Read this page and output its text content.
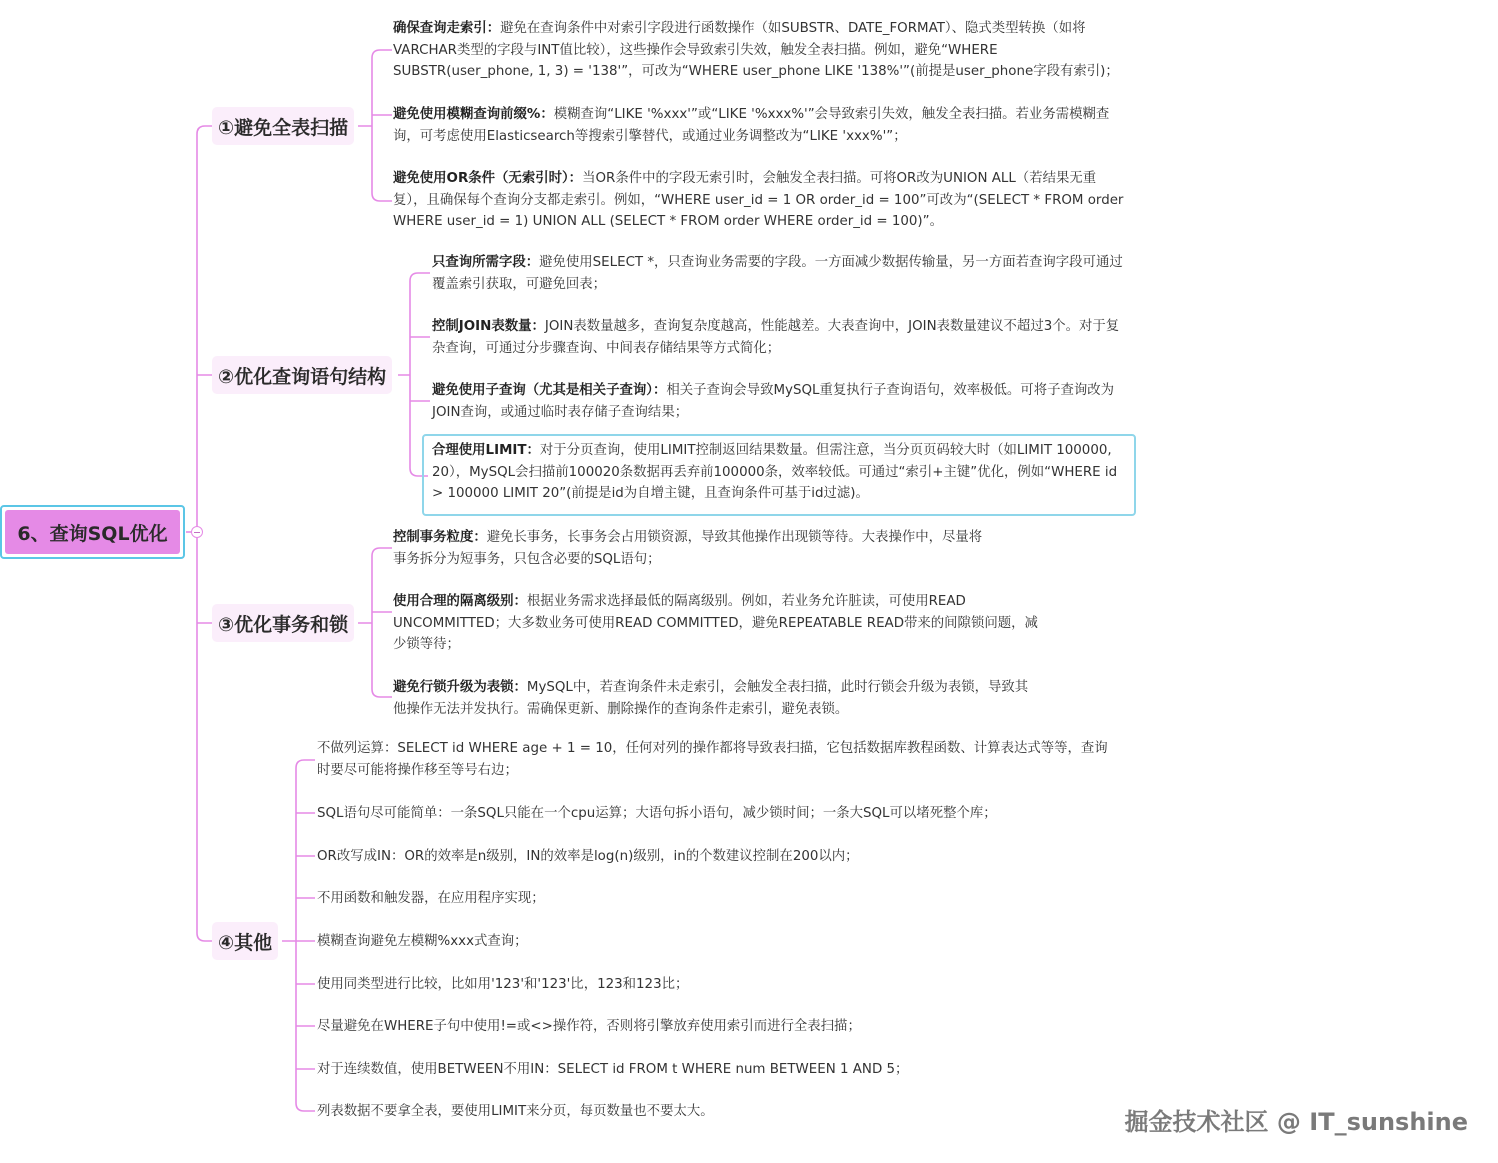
6、查询SQL优化
①避免全表扫描
确保查询走索引：避免在查询条件中对索引字段进行函数操作（如SUBSTR、DATE_FORMAT）、隐式类型转换（如将VARCHAR类型的字段与INT值比较），这些操作会导致索引失效，触发全表扫描。例如，避免“WHERE SUBSTR(user_phone, 1, 3) = '138'”，可改为“WHERE user_phone LIKE '138%'”(前提是user_phone字段有索引)；
避免使用模糊查询前缀%：模糊查询“LIKE '%xxx'”或“LIKE '%xxx%'”会导致索引失效，触发全表扫描。若业务需模糊查询，可考虑使用Elasticsearch等搜索引擎替代，或通过业务调整改为“LIKE 'xxx%'”；
避免使用OR条件（无索引时）：当OR条件中的字段无索引时，会触发全表扫描。可将OR改为UNION ALL（若结果无重复），且确保每个查询分支都走索引。例如，“WHERE user_id = 1 OR order_id = 100”可改为“(SELECT * FROM order WHERE user_id = 1) UNION ALL (SELECT * FROM order WHERE order_id = 100)”。
②优化查询语句结构
只查询所需字段：避免使用SELECT *，只查询业务需要的字段。一方面减少数据传输量，另一方面若查询字段可通过覆盖索引获取，可避免回表；
控制JOIN表数量：JOIN表数量越多，查询复杂度越高，性能越差。大表查询中，JOIN表数量建议不超过3个。对于复杂查询，可通过分步骤查询、中间表存储结果等方式简化；
避免使用子查询（尤其是相关子查询）：相关子查询会导致MySQL重复执行子查询语句，效率极低。可将子查询改为JOIN查询，或通过临时表存储子查询结果；
合理使用LIMIT：对于分页查询，使用LIMIT控制返回结果数量。但需注意，当分页页码较大时（如LIMIT 100000, 20），MySQL会扫描前100020条数据再丢弃前100000条，效率较低。可通过“索引+主键”优化，例如“WHERE id > 100000 LIMIT 20”(前提是id为自增主键，且查询条件可基于id过滤)。
③优化事务和锁
控制事务粒度：避免长事务，长事务会占用锁资源，导致其他操作出现锁等待。大表操作中，尽量将事务拆分为短事务，只包含必要的SQL语句；
使用合理的隔离级别：根据业务需求选择最低的隔离级别。例如，若业务允许脏读，可使用READ UNCOMMITTED；大多数业务可使用READ COMMITTED，避免REPEATABLE READ带来的间隙锁问题，减少锁等待；
避免行锁升级为表锁：MySQL中，若查询条件未走索引，会触发全表扫描，此时行锁会升级为表锁，导致其他操作无法并发执行。需确保更新、删除操作的查询条件走索引，避免表锁。
④其他
不做列运算：SELECT id WHERE age + 1 = 10，任何对列的操作都将导致表扫描，它包括数据库教程函数、计算表达式等等，查询时要尽可能将操作移至等号右边；
SQL语句尽可能简单：一条SQL只能在一个cpu运算；大语句拆小语句，减少锁时间；一条大SQL可以堵死整个库；
OR改写成IN：OR的效率是n级别，IN的效率是log(n)级别，in的个数建议控制在200以内；
不用函数和触发器，在应用程序实现；
模糊查询避免左模糊%xxx式查询；
使用同类型进行比较，比如用'123'和'123'比，123和123比；
尽量避免在WHERE子句中使用!=或<>操作符，否则将引擎放弃使用索引而进行全表扫描；
对于连续数值，使用BETWEEN不用IN：SELECT id FROM t WHERE num BETWEEN 1 AND 5；
列表数据不要拿全表，要使用LIMIT来分页，每页数量也不要太大。	掘金技术社区 @ IT_sunshine
